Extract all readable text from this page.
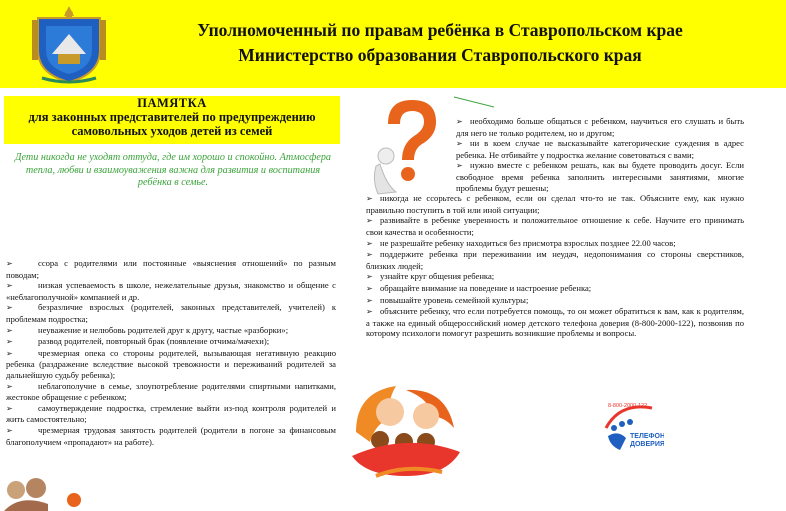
Уполномоченный по правам ребёнка в Ставропольском крае
Министерство образования Ставропольского края
ПАМЯТКА
для законных представителей по предупреждению
самовольных уходов детей из семей
Дети никогда не уходят оттуда, где им хорошо и спокойно. Атмосфера тепла, любви и взаимоуважения важна для развития и воспитания ребёнка в семье.

➢	ссора с родителями или постоянные «выяснения отношений» по разным поводам;

➢	низкая успеваемость в школе, нежелательные друзья, знакомство и общение с «неблагополучной» компанией и др.

➢	безразличие взрослых (родителей, законных представителей, учителей) к проблемам подростка;

➢	неуважение и нелюбовь родителей друг к другу, частые «разборки»;

➢	развод родителей, повторный брак (появление отчима/мачехи);

➢	чрезмерная опека со стороны родителей, вызывающая негативную реакцию ребенка (раздражение вследствие высокой тревожности и переживаний родителей за дальнейшую судьбу ребенка);

➢	неблагополучие в семье, злоупотребление родителями спиртными напитками, жестокое обращение с ребенком;

➢	самоутверждение подростка, стремление выйти из-под контроля родителей и жить самостоятельно;

➢	чрезмерная трудовая занятость родителей (родители в погоне за финансовым благополучием «пропадают» на работе).

➢ необходимо больше общаться с ребенком, научиться его слушать и быть для него не только родителем, но и другом;

➢ ни в коем случае не высказывайте категорические суждения в адрес ребенка. Не отбивайте у подростка желание советоваться с вами;

➢ нужно вместе с ребенком решать, как вы будете проводить досуг. Если свободное время ребенка заполнить интересными занятиями, многие проблемы будут решены;

➢ никогда не ссорьтесь с ребенком, если он сделал что-то не так. Объясните ему, как нужно правильно поступить в той или иной ситуации;

➢ развивайте в ребенке уверенность и положительное отношение к себе. Научите его принимать свои качества и особенности;

➢ не разрешайте ребенку находиться без присмотра взрослых позднее 22.00 часов;

➢ поддержите ребенка при переживании им неудач, недопонимания со стороны сверстников, близких людей;

➢ узнайте круг общения ребенка;

➢ обращайте внимание на поведение и настроение ребенка;

➢ повышайте уровень семейной культуры;

➢ объясните ребенку, что если потребуется помощь, то он может обратиться к вам, как к родителям, а также на единый общероссийский номер детского телефона доверия (8-800-2000-122), позвонив по которому психологи помогут разрешить возникшие проблемы и вопросы.

8-800-2000-122
ТЕЛЕФОН
ДОВЕРИЯ
